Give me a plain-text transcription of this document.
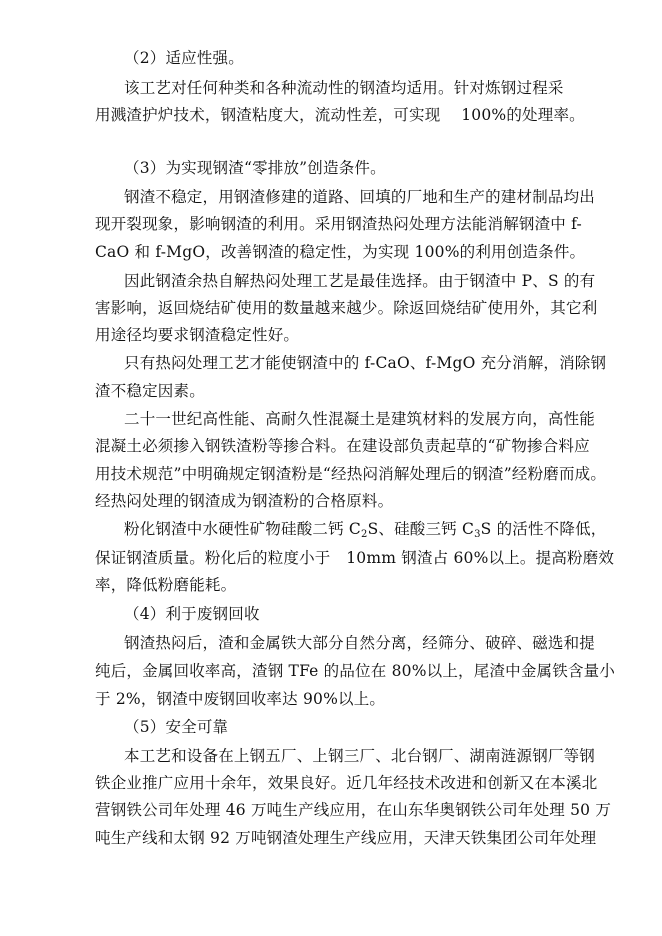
（2）适应性强。
该工艺对任何种类和各种流动性的钢渣均适用。针对炼钢过程采
用溅渣护炉技术，钢渣粘度大，流动性差，可实现　 100%的处理率。
（3）为实现钢渣“零排放”创造条件。
钢渣不稳定，用钢渣修建的道路、回填的厂地和生产的建材制品均出
现开裂现象，影响钢渣的利用。采用钢渣热闷处理方法能消解钢渣中 f-
CaO 和 f-MgO，改善钢渣的稳定性，为实现 100%的利用创造条件。
因此钢渣余热自解热闷处理工艺是最佳选择。由于钢渣中 P、S 的有
害影响，返回烧结矿使用的数量越来越少。除返回烧结矿使用外，其它利
用途径均要求钢渣稳定性好。
只有热闷处理工艺才能使钢渣中的 f-CaO、f-MgO 充分消解，消除钢
渣不稳定因素。
二十一世纪高性能、高耐久性混凝土是建筑材料的发展方向，高性能
混凝土必须掺入钢铁渣粉等掺合料。在建设部负责起草的“矿物掺合料应
用技术规范”中明确规定钢渣粉是“经热闷消解处理后的钢渣”经粉磨而成。
经热闷处理的钢渣成为钢渣粉的合格原料。
粉化钢渣中水硬性矿物硅酸二钙 $C_2S$、硅酸三钙 $C_3S$ 的活性不降低，
保证钢渣质量。粉化后的粒度小于　10mm 钢渣占 60%以上。提高粉磨效
率，降低粉磨能耗。
（4）利于废钢回收
钢渣热闷后，渣和金属铁大部分自然分离，经筛分、破碎、磁选和提
纯后，金属回收率高，渣钢 TFe 的品位在 80%以上，尾渣中金属铁含量小
于 2%，钢渣中废钢回收率达 90%以上。
（5）安全可靠
本工艺和设备在上钢五厂、上钢三厂、北台钢厂、湖南涟源钢厂等钢
铁企业推广应用十余年，效果良好。近几年经技术改进和创新又在本溪北
营钢铁公司年处理 46 万吨生产线应用，在山东华奥钢铁公司年处理 50 万
吨生产线和太钢 92 万吨钢渣处理生产线应用，天津天铁集团公司年处理
